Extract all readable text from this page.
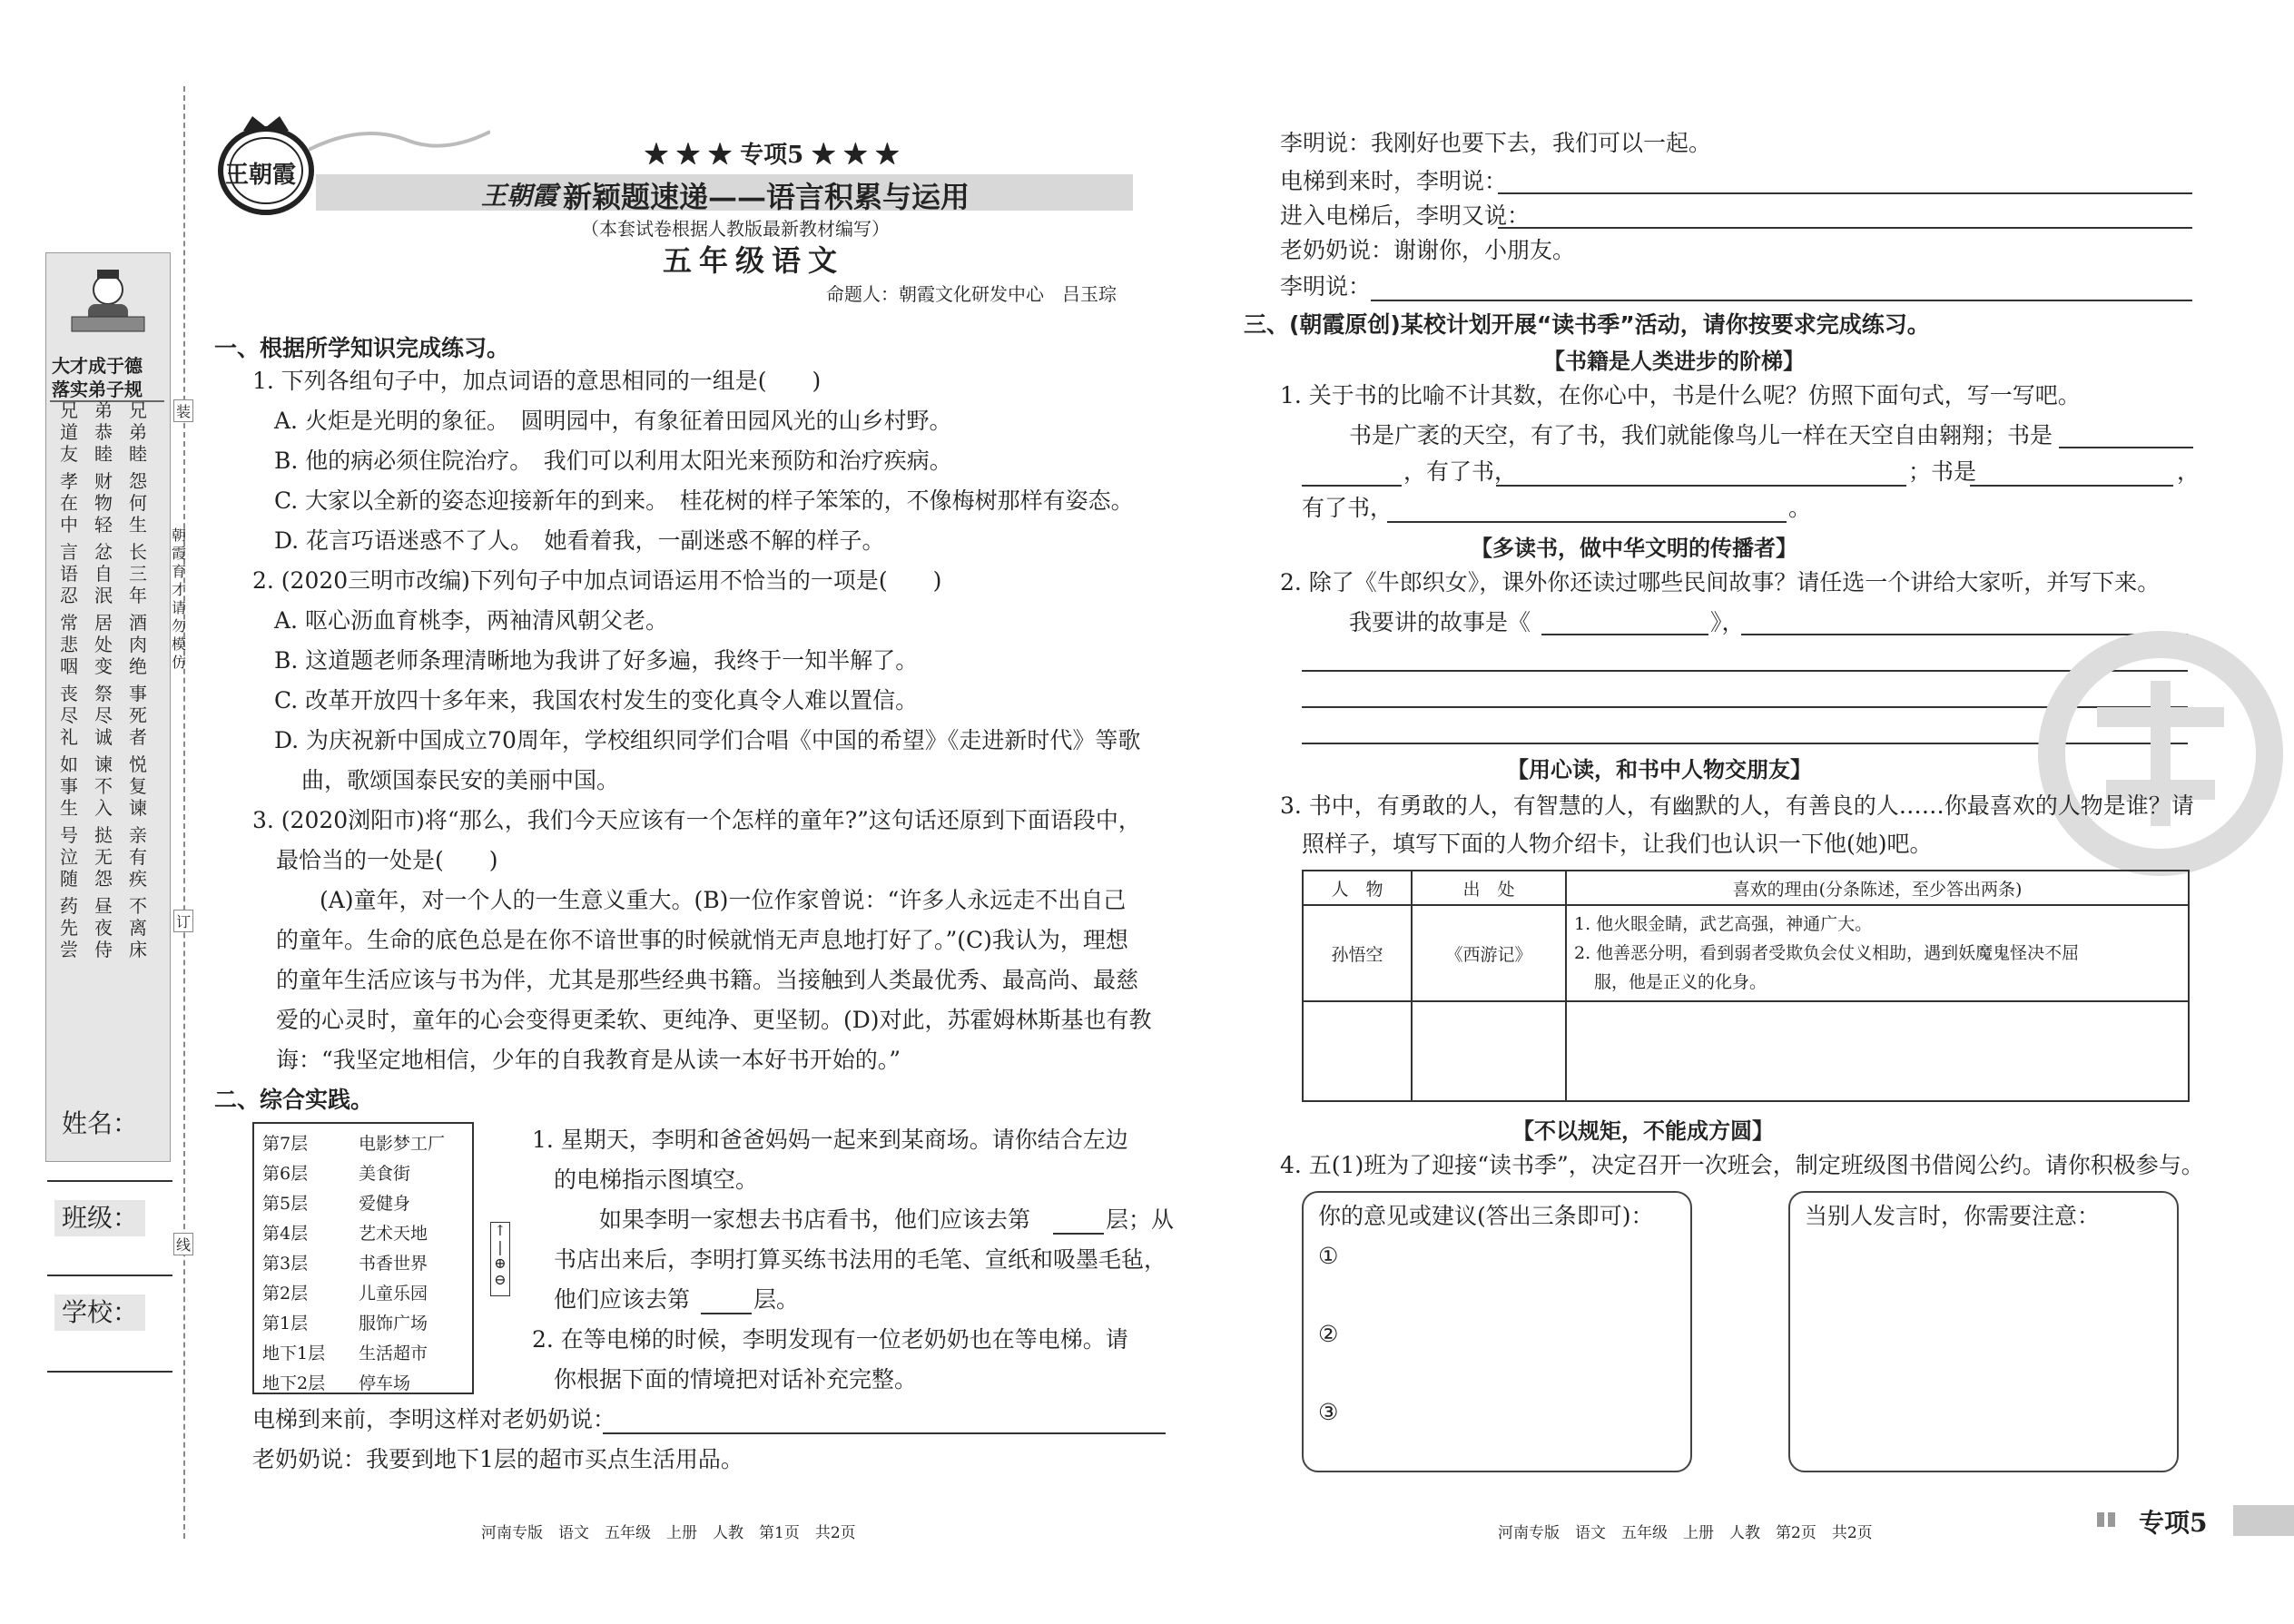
大才成于德
落实弟子规
兄道友
弟恭睦
兄弟睦
孝在中
财物轻
怨何生
言语忍
忿自泯
长三年
常悲咽
居处变
酒肉绝
丧尽礼
祭尽诚
事死者
如事生
谏不入
悦复谏
号泣随
挞无怨
亲有疾
药先尝
昼夜侍
不离床
装
订
线
朝霞育才　请勿模仿
姓名：
班级：
学校：
王朝霞
★ ★ ★ 专项5 ★ ★ ★
王朝霞 新颖题速递——语言积累与运用
（本套试卷根据人教版最新教材编写）
五年级语文
命题人：朝霞文化研发中心　吕玉琮
一、根据所学知识完成练习。
1. 下列各组句子中，加点词语的意思相同的一组是(　　)
A. 火炬是光明的象征。　圆明园中，有象征着田园风光的山乡村野。
B. 他的病必须住院治疗。　我们可以利用太阳光来预防和治疗疾病。
C. 大家以全新的姿态迎接新年的到来。　桂花树的样子笨笨的，不像梅树那样有姿态。
D. 花言巧语迷惑不了人。　她看着我，一副迷惑不解的样子。
2. (2020三明市改编)下列句子中加点词语运用不恰当的一项是(　　)
A. 呕心沥血育桃李，两袖清风朝父老。
B. 这道题老师条理清晰地为我讲了好多遍，我终于一知半解了。
C. 改革开放四十多年来，我国农村发生的变化真令人难以置信。
D. 为庆祝新中国成立70周年，学校组织同学们合唱《中国的希望》《走进新时代》等歌
曲，歌颂国泰民安的美丽中国。
3. (2020浏阳市)将“那么，我们今天应该有一个怎样的童年?”这句话还原到下面语段中，
最恰当的一处是(　　)
(A)童年，对一个人的一生意义重大。(B)一位作家曾说：“许多人永远走不出自己
的童年。生命的底色总是在你不谙世事的时候就悄无声息地打好了。”(C)我认为，理想
的童年生活应该与书为伴，尤其是那些经典书籍。当接触到人类最优秀、最高尚、最慈
爱的心灵时，童年的心会变得更柔软、更纯净、更坚韧。(D)对此，苏霍姆林斯基也有教
诲：“我坚定地相信，少年的自我教育是从读一本好书开始的。”
二、综合实践。
第7层	电影梦工厂
第6层	美食街
第5层	爱健身
第4层	艺术天地
第3层	书香世界
第2层	儿童乐园
第1层	服饰广场
地下1层	生活超市
地下2层	停车场
↑
|
⊕
⊖
1. 星期天，李明和爸爸妈妈一起来到某商场。请你结合左边
的电梯指示图填空。
如果李明一家想去书店看书，他们应该去第	层；从
书店出来后，李明打算买练书法用的毛笔、宣纸和吸墨毛毡，
他们应该去第	层。
2. 在等电梯的时候，李明发现有一位老奶奶也在等电梯。请
你根据下面的情境把对话补充完整。
电梯到来前，李明这样对老奶奶说：
老奶奶说：我要到地下1层的超市买点生活用品。
李明说：我刚好也要下去，我们可以一起。
电梯到来时，李明说：
进入电梯后，李明又说：
老奶奶说：谢谢你，小朋友。
李明说：
三、(朝霞原创)某校计划开展“读书季”活动，请你按要求完成练习。
【书籍是人类进步的阶梯】
1. 关于书的比喻不计其数，在你心中，书是什么呢？仿照下面句式，写一写吧。
书是广袤的天空，有了书，我们就能像鸟儿一样在天空自由翱翔；书是
，有了书，	；书是	，
有了书，	。
【多读书，做中华文明的传播者】
2. 除了《牛郎织女》，课外你还读过哪些民间故事？请任选一个讲给大家听，并写下来。
我要讲的故事是《	》，
【用心读，和书中人物交朋友】
3. 书中，有勇敢的人，有智慧的人，有幽默的人，有善良的人……你最喜欢的人物是谁？请
照样子，填写下面的人物介绍卡，让我们也认识一下他(她)吧。
人　物	出　处	喜欢的理由(分条陈述，至少答出两条)
孙悟空	《西游记》	1. 他火眼金睛，武艺高强，神通广大。
2. 他善恶分明，看到弱者受欺负会仗义相助，遇到妖魔鬼怪决不屈
服，他是正义的化身。

【不以规矩，不能成方圆】
4. 五(1)班为了迎接“读书季”，决定召开一次班会，制定班级图书借阅公约。请你积极参与。
你的意见或建议(答出三条即可)：
①
②
③
当别人发言时，你需要注意：
河南专版　语文　五年级　上册　人教　第1页　共2页	河南专版　语文　五年级　上册　人教　第2页　共2页	专项5
